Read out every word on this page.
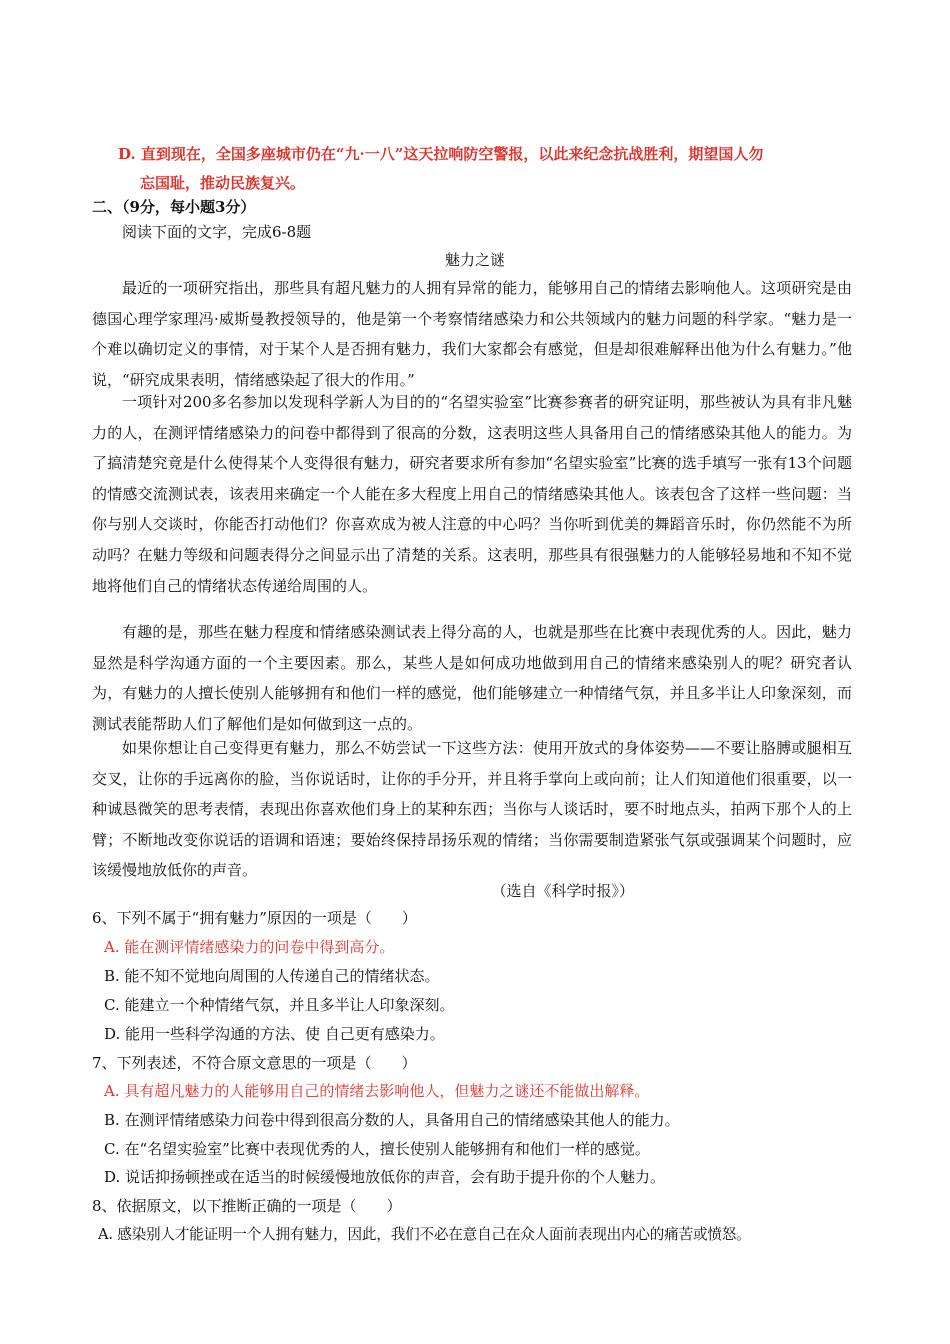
D. 直到现在，全国多座城市仍在“九·一八”这天拉响防空警报，以此来纪念抗战胜利，期望国人勿
忘国耻，推动民族复兴。
二、（9分，每小题3分）
阅读下面的文字，完成6-8题
魅力之谜

最近的一项研究指出，那些具有超凡魅力的人拥有异常的能力，能够用自己的情绪去影响他人。这项研究是由德国心理学家理冯·威斯曼教授领导的，他是第一个考察情绪感染力和公共领域内的魅力问题的科学家。“魅力是一个难以确切定义的事情，对于某个人是否拥有魅力，我们大家都会有感觉，但是却很难解释出他为什么有魅力。”他说，“研究成果表明，情绪感染起了很大的作用。”

一项针对200多名参加以发现科学新人为目的的“名望实验室”比赛参赛者的研究证明，那些被认为具有非凡魅力的人，在测评情绪感染力的问卷中都得到了很高的分数，这表明这些人具备用自己的情绪感染其他人的能力。为了搞清楚究竟是什么使得某个人变得很有魅力，研究者要求所有参加“名望实验室”比赛的选手填写一张有13个问题的情感交流测试表，该表用来确定一个人能在多大程度上用自己的情绪感染其他人。该表包含了这样一些问题：当你与别人交谈时，你能否打动他们？你喜欢成为被人注意的中心吗？当你听到优美的舞蹈音乐时，你仍然能不为所动吗？在魅力等级和问题表得分之间显示出了清楚的关系。这表明，那些具有很强魅力的人能够轻易地和不知不觉地将他们自己的情绪状态传递给周围的人。

有趣的是，那些在魅力程度和情绪感染测试表上得分高的人，也就是那些在比赛中表现优秀的人。因此，魅力显然是科学沟通方面的一个主要因素。那么，某些人是如何成功地做到用自己的情绪来感染别人的呢？研究者认为，有魅力的人擅长使别人能够拥有和他们一样的感觉，他们能够建立一种情绪气氛，并且多半让人印象深刻，而测试表能帮助人们了解他们是如何做到这一点的。

如果你想让自己变得更有魅力，那么不妨尝试一下这些方法：使用开放式的身体姿势——不要让胳膊或腿相互交叉，让你的手远离你的脸，当你说话时，让你的手分开，并且将手掌向上或向前；让人们知道他们很重要，以一种诚恳微笑的思考表情，表现出你喜欢他们身上的某种东西；当你与人谈话时，要不时地点头，拍两下那个人的上臂；不断地改变你说话的语调和语速；要始终保持昂扬乐观的情绪；当你需要制造紧张气氛或强调某个问题时，应该缓慢地放低你的声音。

（选自《科学时报》）
6、下列不属于“拥有魅力”原因的一项是（　　）
A. 能在测评情绪感染力的问卷中得到高分。
B. 能不知不觉地向周围的人传递自己的情绪状态。
C. 能建立一个种情绪气氛，并且多半让人印象深刻。
D. 能用一些科学沟通的方法、使 自己更有感染力。
7、下列表述，不符合原文意思的一项是（　　）
A. 具有超凡魅力的人能够用自己的情绪去影响他人，但魅力之谜还不能做出解释。
B. 在测评情绪感染力问卷中得到很高分数的人，具备用自己的情绪感染其他人的能力。
C. 在“名望实验室”比赛中表现优秀的人，擅长使别人能够拥有和他们一样的感觉。
D. 说话抑扬顿挫或在适当的时候缓慢地放低你的声音，会有助于提升你的个人魅力。
8、依据原文，以下推断正确的一项是（　　）
A. 感染别人才能证明一个人拥有魅力，因此，我们不必在意自己在众人面前表现出内心的痛苦或愤怒。
